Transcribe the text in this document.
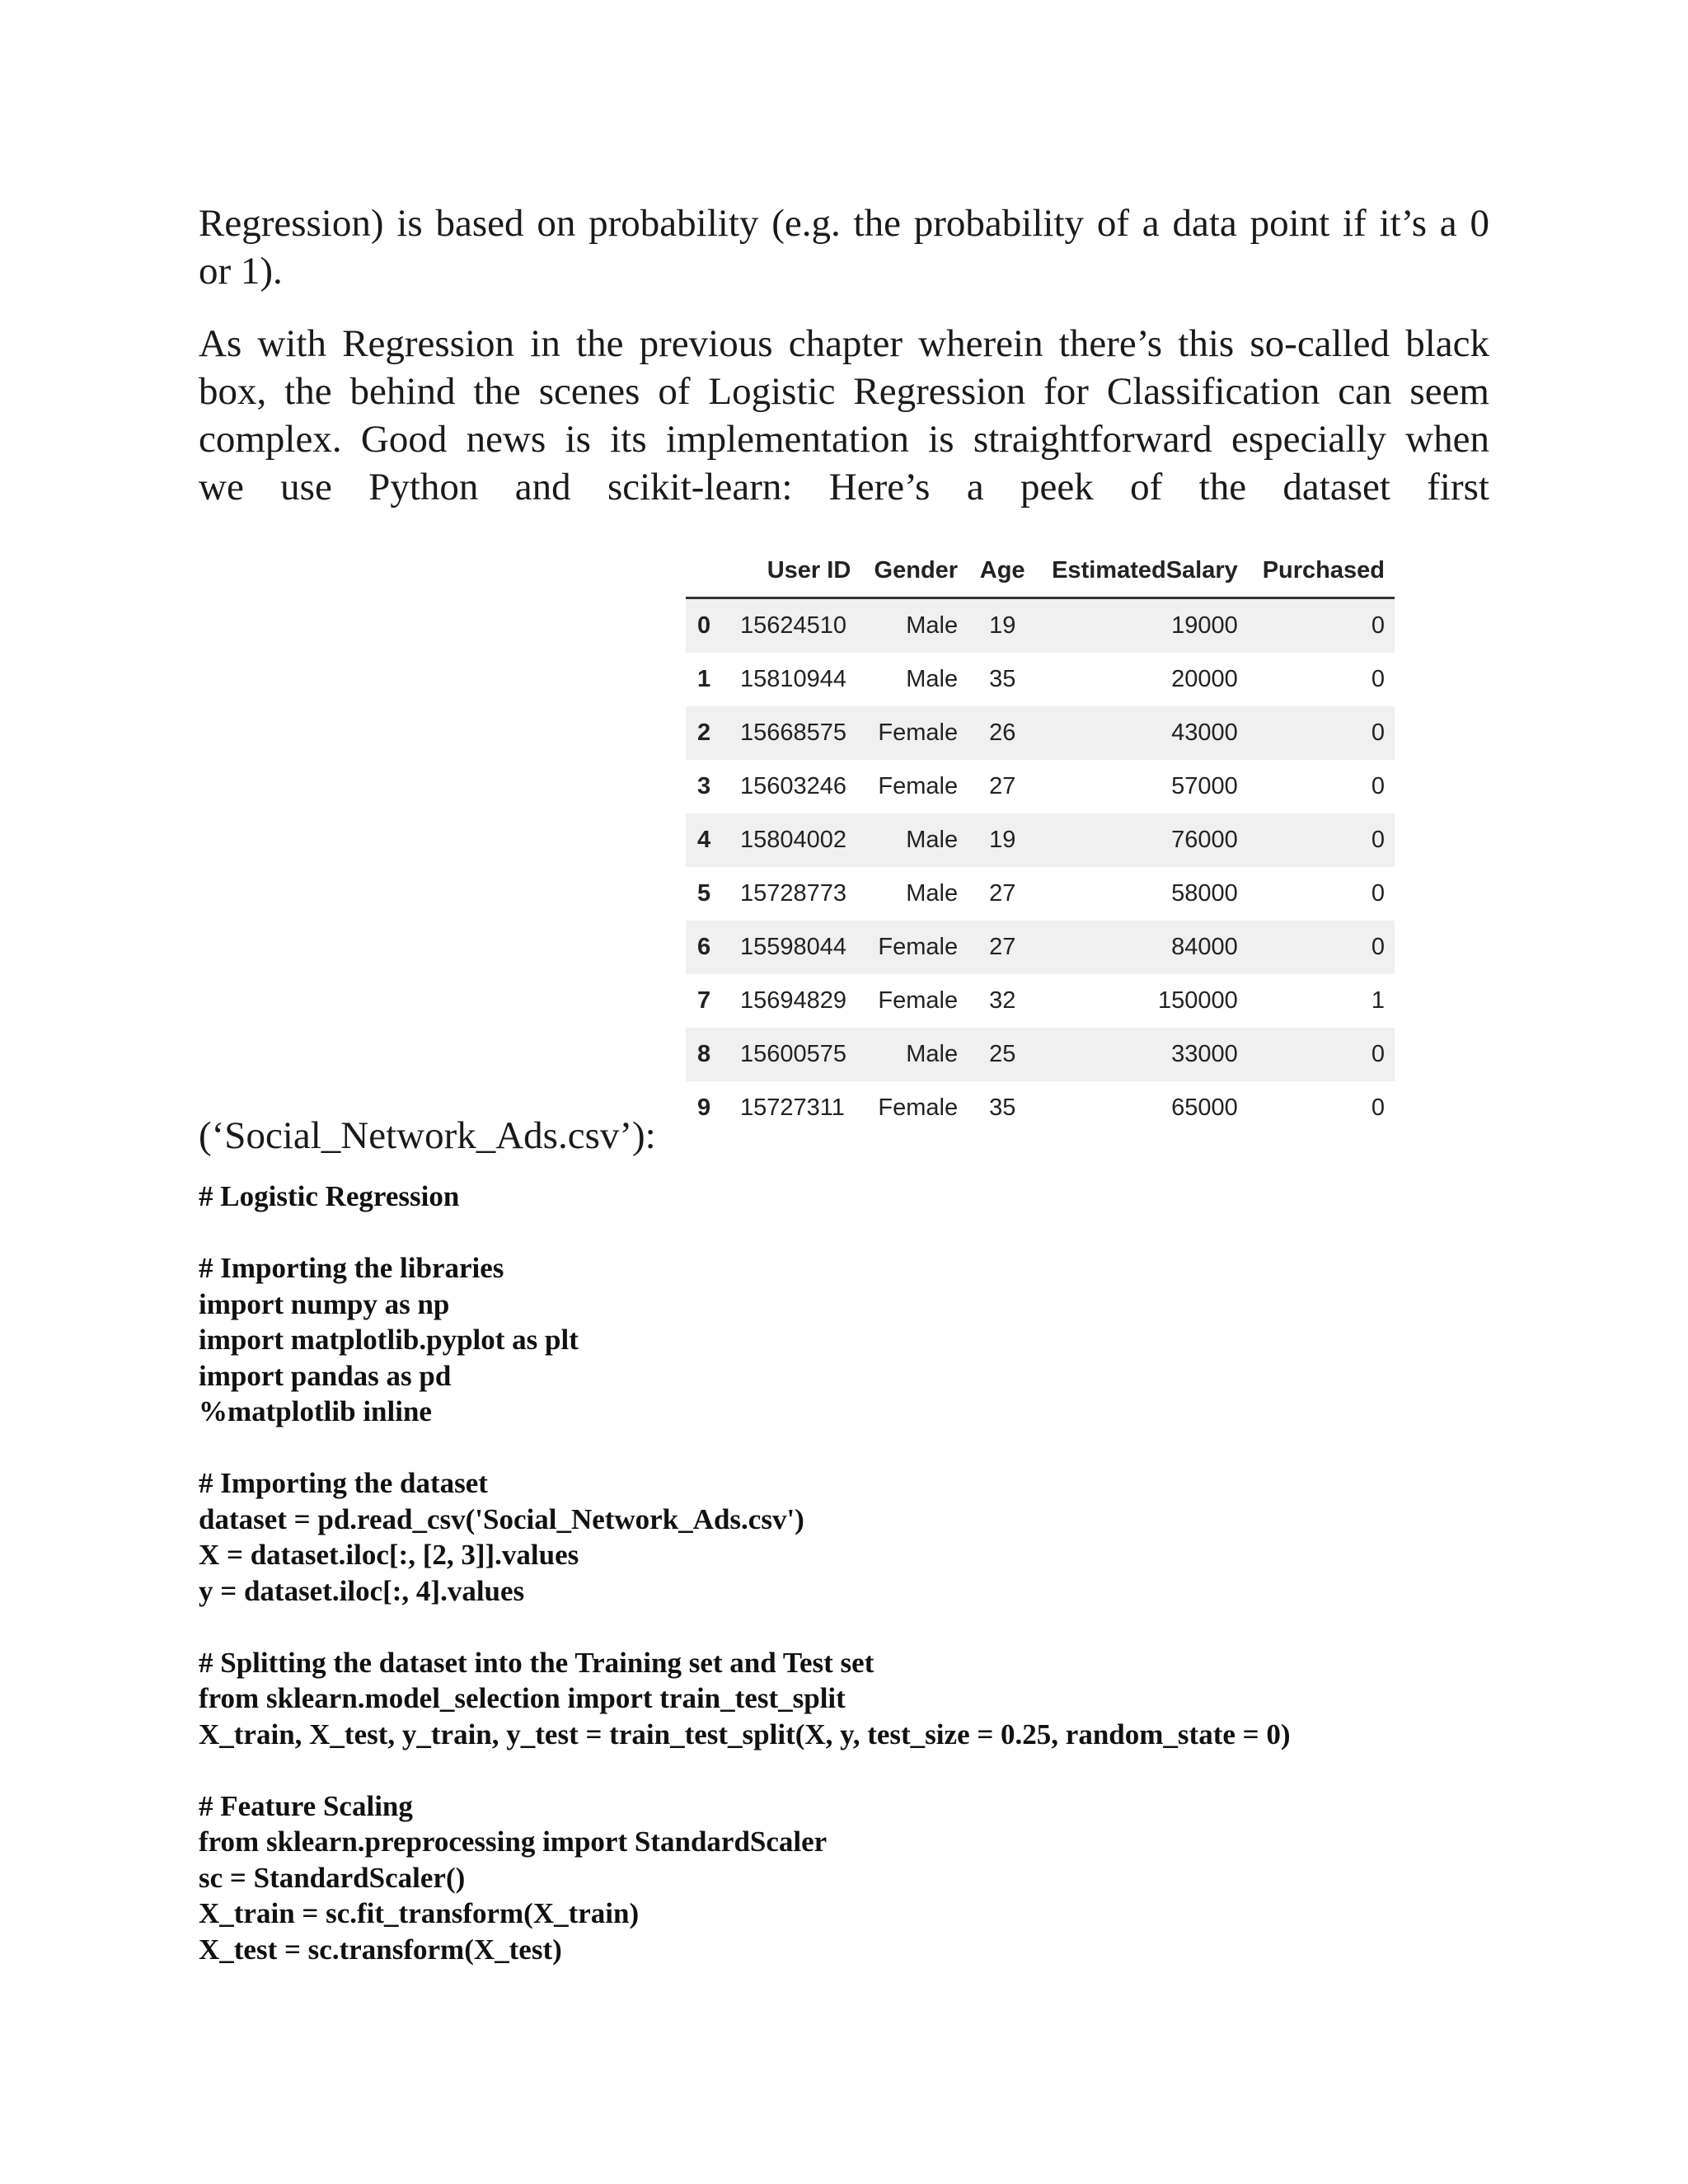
Regression) is based on probability (e.g. the probability of a data point if it’s a 0
or 1).

As with Regression in the previous chapter wherein there’s this so-called black
box, the behind the scenes of Logistic Regression for Classification can seem
complex. Good news is its implementation is straightforward especially when
we use Python and scikit-learn: Here’s a peek of the dataset first

	User ID	Gender	Age	EstimatedSalary	Purchased
0	15624510	Male	19	19000	0
1	15810944	Male	35	20000	0
2	15668575	Female	26	43000	0
3	15603246	Female	27	57000	0
4	15804002	Male	19	76000	0
5	15728773	Male	27	58000	0
6	15598044	Female	27	84000	0
7	15694829	Female	32	150000	1
8	15600575	Male	25	33000	0
9	15727311	Female	35	65000	0
(‘Social_Network_Ads.csv’):
# Logistic Regression
# Importing the libraries
import numpy as np
import matplotlib.pyplot as plt
import pandas as pd
%matplotlib inline
# Importing the dataset
dataset = pd.read_csv('Social_Network_Ads.csv')
X = dataset.iloc[:, [2, 3]].values
y = dataset.iloc[:, 4].values
# Splitting the dataset into the Training set and Test set
from sklearn.model_selection import train_test_split
X_train, X_test, y_train, y_test = train_test_split(X, y, test_size = 0.25, random_state = 0)
# Feature Scaling
from sklearn.preprocessing import StandardScaler
sc = StandardScaler()
X_train = sc.fit_transform(X_train)
X_test = sc.transform(X_test)
